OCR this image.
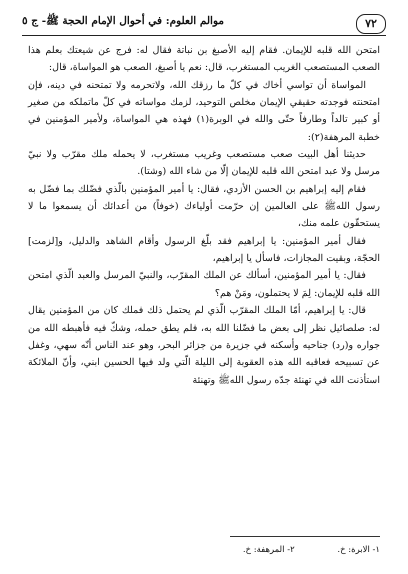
٧٢
موالم العلوم: في أحوال الإمام الحجة ﷺ- ج ٥

امتحن الله قلبه للإيمان. فقام إليه الأصبغ بن نباتة فقال له: فرج عن شيعتك بعلم هذا الصعب المستصعب الغريب المستغرب، قال: نعم يا أصبغ، الصعب هو المواساة، قال:

المواساة أن تواسي أخاك في كلّ ما رزقك الله، ولاتحرمه ولا تمتحنه في دينه، فإن امتحنته فوجدته حقيقي الإيمان مخلص التوحيد، لزمك مواساته في كلّ ماتملكه من صغير أو كبير تالداً وطارفاً حتّى والله في الوبرة(١) فهذه هي المواساة، ولأمير المؤمنين في خطبة المرهفة(٢):

حديثنا أهل البيت صعب مستصعب وغريب مستغرب، لا يحمله ملك مقرّب ولا نبيّ مرسل ولا عبد امتحن الله قلبه للإيمان إلّا من شاء الله (وشتا).

فقام إليه إبراهيم بن الحسن الأزدي، فقال: يا أمير المؤمنين بالّذي فضّلك بما فضّل به رسول اللهﷺ على العالمين إن حرّمت أولياءك (خوفاً) من أعدائك أن يسمعوا ما لا يستحقّون علمه منك،

فقال أمير المؤمنين: يا إبراهيم فقد بلّغ الرسول وأقام الشاهد والدليل، و[لزمت] الحجّة، وبقيت المجازات، فاسأل يا إبراهيم،

فقال: يا أمير المؤمنين، أسألك عن الملك المقرّب، والنبيّ المرسل والعبد الّذي امتحن الله قلبه للإيمان: لِمَ لا يحتملون، ومَنْ هم؟

قال: يا إبراهيم، أمّا الملك المقرّب الّذي لم يحتمل ذلك فملك كان من المؤمنين يقال له: صلصائيل نظر إلى بعض ما فضّلنا الله به، فلم يطق حمله، وشكّ فيه فأهبطه الله من جواره و(رد) جناحيه وأسكنه في جزيرة من جزائر البحر، وهو عند الناس أنّه سهي، وغفل عن تسبيحه فعاقبه الله هذه العقوبة إلى الليلة الّتي ولد فيها الحسين ابني، وأنّ الملائكة استأذنت الله في تهنئة جدّه رسول اللهﷺ وتهنئة

١- الابرة: خ. ٢- المرهفة: خ.
